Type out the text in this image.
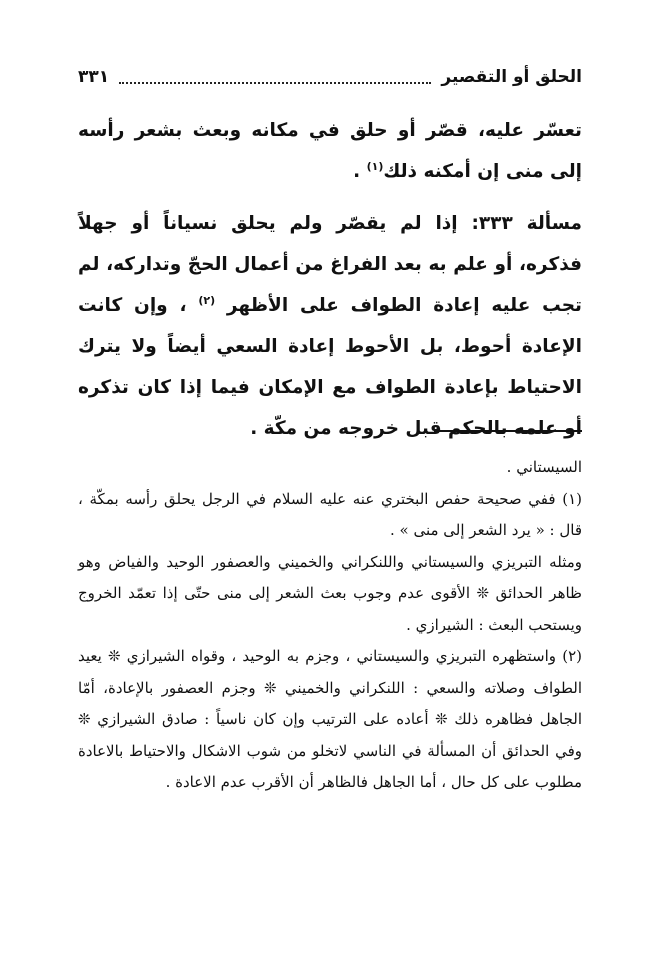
الحلق أو التقصير
٣٣١

تعسّر عليه، قصّر أو حلق في مكانه وبعث بشعر رأسه إلى منى إن أمكنه ذلك$^{(١)}$ .

مسألة ٣٣٣: إذا لم يقصّر ولم يحلق نسياناً أو جهلاً فذكره، أو علم به بعد الفراغ من أعمال الحجّ وتداركه، لم تجب عليه إعادة الطواف على الأظهر $^{(٢)}$ ، وإن كانت الإعادة أحوط، بل الأحوط إعادة السعي أيضاً ولا يترك الاحتياط بإعادة الطواف مع الإمكان فيما إذا كان تذكره أو علمه بالحكم قبل خروجه من مكّة .

السيستاني .

(١) ففي صحيحة حفص البختري عنه عليه السلام في الرجل يحلق رأسه بمكّة ، قال : « يرد الشعر إلى منى » .

ومثله التبريزي والسيستاني واللنكراني والخميني والعصفور الوحيد والفياض وهو ظاهر الحدائق ❊ الأقوى عدم وجوب بعث الشعر إلى منى حتّى إذا تعمّد الخروج ويستحب البعث : الشيرازي .

(٢) واستظهره التبريزي والسيستاني ، وجزم به الوحيد ، وقواه الشيرازي ❊ يعيد الطواف وصلاته والسعي : اللنكراني والخميني ❊ وجزم العصفور بالإعادة، أمّا الجاهل فظاهره ذلك ❊ أعاده على الترتيب وإن كان ناسياً : صادق الشيرازي ❊ وفي الحدائق أن المسألة في الناسي لاتخلو من شوب الاشكال والاحتياط بالاعادة مطلوب على كل حال ، أما الجاهل فالظاهر أن الأقرب عدم الاعادة .
